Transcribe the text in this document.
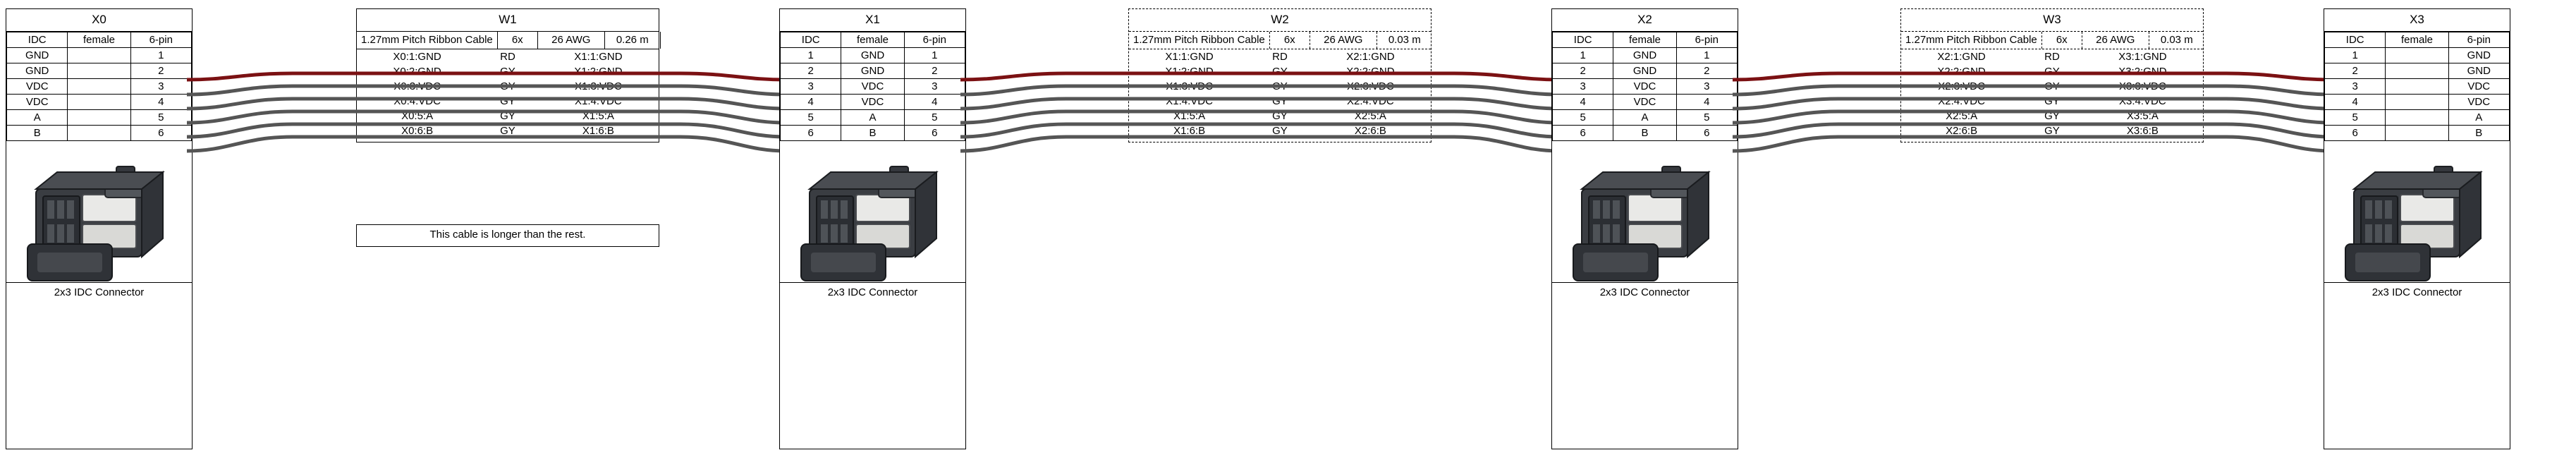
X0
IDC	female	6-pin
GND		1
GND		2
VDC		3
VDC		4
A		5
B		6
2x3 IDC Connector
W1
1.27mm Pitch Ribbon Cable	6x	26 AWG	0.26 m
X0:1:GND	RD	X1:1:GND
X0:2:GND	GY	X1:2:GND
X0:3:VDC	GY	X1:3:VDC
X0:4:VDC	GY	X1:4:VDC
X0:5:A	GY	X1:5:A
X0:6:B	GY	X1:6:B
This cable is longer than the rest.
X1
IDC	female	6-pin
1	GND	1
2	GND	2
3	VDC	3
4	VDC	4
5	A	5
6	B	6
2x3 IDC Connector
W2
1.27mm Pitch Ribbon Cable	6x	26 AWG	0.03 m
X1:1:GND	RD	X2:1:GND
X1:2:GND	GY	X2:2:GND
X1:3:VDC	GY	X2:3:VDC
X1:4:VDC	GY	X2:4:VDC
X1:5:A	GY	X2:5:A
X1:6:B	GY	X2:6:B
X2
IDC	female	6-pin
1	GND	1
2	GND	2
3	VDC	3
4	VDC	4
5	A	5
6	B	6
2x3 IDC Connector
W3
1.27mm Pitch Ribbon Cable	6x	26 AWG	0.03 m
X2:1:GND	RD	X3:1:GND
X2:2:GND	GY	X3:2:GND
X2:3:VDC	GY	X3:3:VDC
X2:4:VDC	GY	X3:4:VDC
X2:5:A	GY	X3:5:A
X2:6:B	GY	X3:6:B
X3
IDC	female	6-pin
1		GND
2		GND
3		VDC
4		VDC
5		A
6		B
2x3 IDC Connector
